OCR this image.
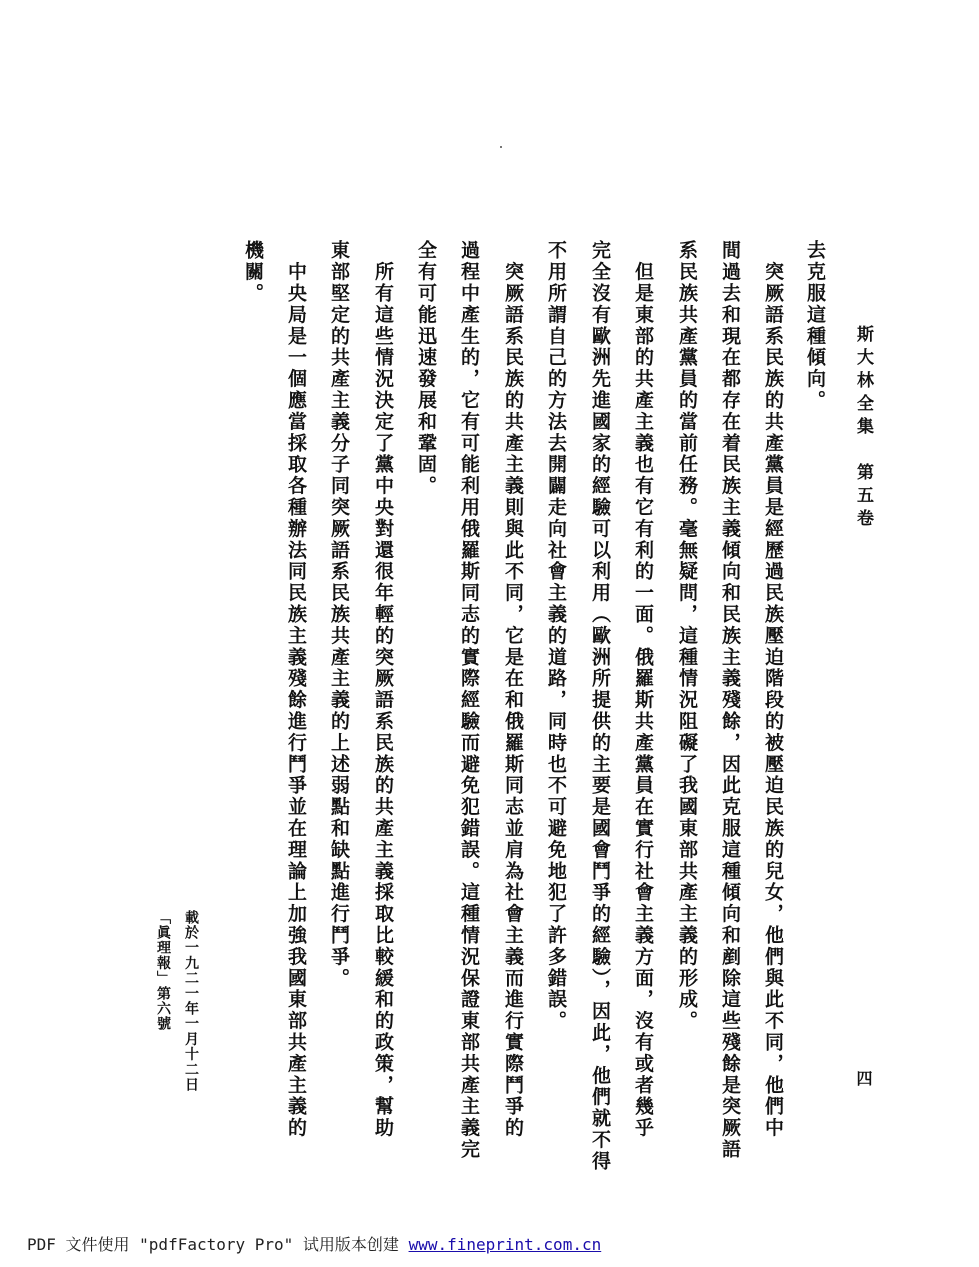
斯大林全集　第五卷
四
去克服這種傾向。
　突厥語系民族的共產黨員是經歷過民族壓迫階段的被壓迫民族的兒女，他們與此不同，他們中
間過去和現在都存在着民族主義傾向和民族主義殘餘，因此克服這種傾向和剷除這些殘餘是突厥語
系民族共產黨員的當前任務。毫無疑問，這種情況阻礙了我國東部共產主義的形成。
　但是東部的共產主義也有它有利的一面。俄羅斯共產黨員在實行社會主義方面，沒有或者幾乎
完全沒有歐洲先進國家的經驗可以利用（歐洲所提供的主要是國會鬥爭的經驗），因此，他們就不得
不用所謂自己的方法去開闢走向社會主義的道路，同時也不可避免地犯了許多錯誤。
　突厥語系民族的共產主義則與此不同，它是在和俄羅斯同志並肩為社會主義而進行實際鬥爭的
過程中產生的，它有可能利用俄羅斯同志的實際經驗而避免犯錯誤。這種情況保證東部共產主義完
全有可能迅速發展和鞏固。
　所有這些情況決定了黨中央對還很年輕的突厥語系民族的共產主義採取比較緩和的政策，幫助
東部堅定的共產主義分子同突厥語系民族共產主義的上述弱點和缺點進行鬥爭。
　中央局是一個應當採取各種辦法同民族主義殘餘進行鬥爭並在理論上加強我國東部共產主義的
機關。
載於一九二一年一月十二日
「眞理報」第六號
PDF 文件使用 "pdfFactory Pro" 试用版本创建 www.fineprint.com.cn
